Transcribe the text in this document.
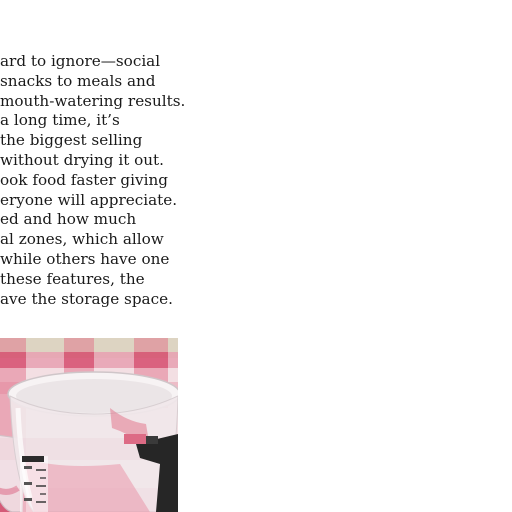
ard to ignore—social
snacks to meals and
mouth-watering results.
a long time, it’s
the biggest selling
without drying it out.
ook food faster giving
eryone will appreciate.
ed and how much
al zones, which allow
while others have one
these features, the
ave the storage space.
